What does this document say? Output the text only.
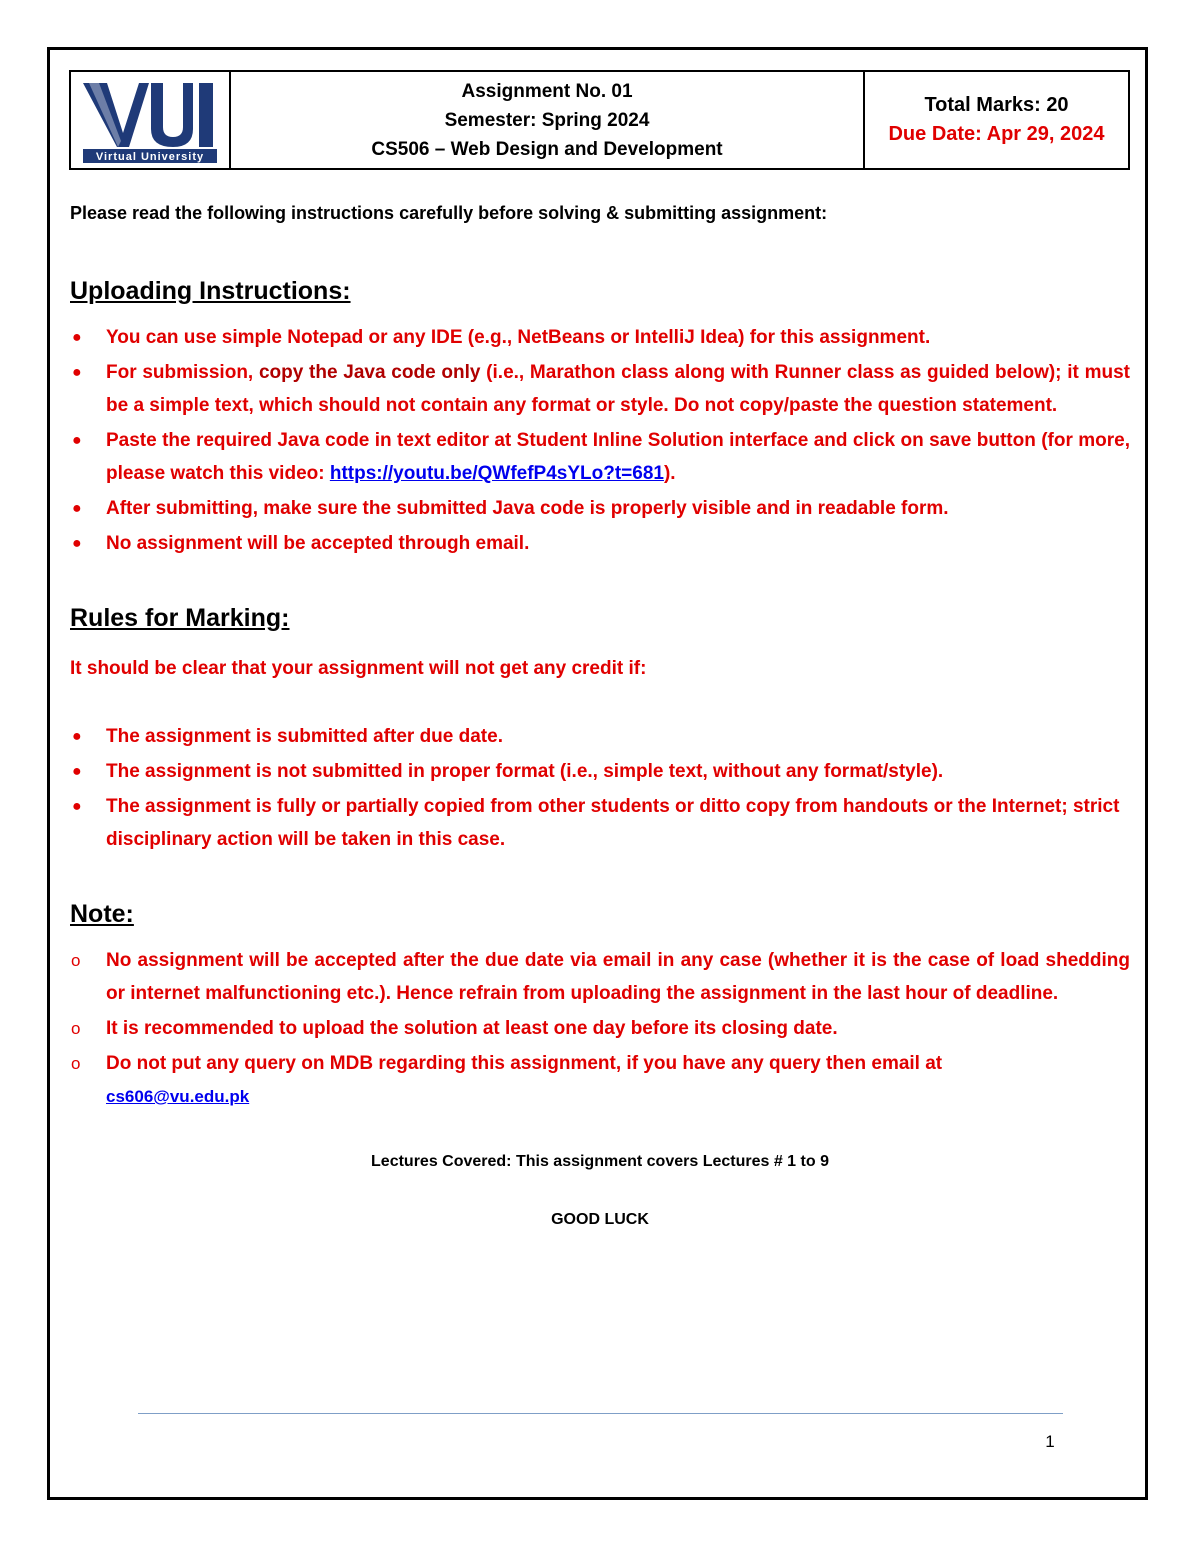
Virtual University
Assignment No. 01
Semester: Spring 2024
CS506 – Web Design and Development
Total Marks: 20
Due Date: Apr 29, 2024

Please read the following instructions carefully before solving & submitting assignment:

Uploading Instructions:
● You can use simple Notepad or any IDE (e.g., NetBeans or IntelliJ Idea) for this assignment.
● For submission, copy the Java code only (i.e., Marathon class along with Runner class as guided below); it must be a simple text, which should not contain any format or style. Do not copy/paste the question statement.
● Paste the required Java code in text editor at Student Inline Solution interface and click on save button (for more, please watch this video: https://youtu.be/QWfefP4sYLo?t=681).
● After submitting, make sure the submitted Java code is properly visible and in readable form.
● No assignment will be accepted through email.
Rules for Marking:

It should be clear that your assignment will not get any credit if:

● The assignment is submitted after due date.
● The assignment is not submitted in proper format (i.e., simple text, without any format/style).
● The assignment is fully or partially copied from other students or ditto copy from handouts or the Internet; strict disciplinary action will be taken in this case.
Note:
o No assignment will be accepted after the due date via email in any case (whether it is the case of load shedding or internet malfunctioning etc.). Hence refrain from uploading the assignment in the last hour of deadline.
o It is recommended to upload the solution at least one day before its closing date.
o Do not put any query on MDB regarding this assignment, if you have any query then email at
cs606@vu.edu.pk
Lectures Covered: This assignment covers Lectures # 1 to 9
GOOD LUCK
1
